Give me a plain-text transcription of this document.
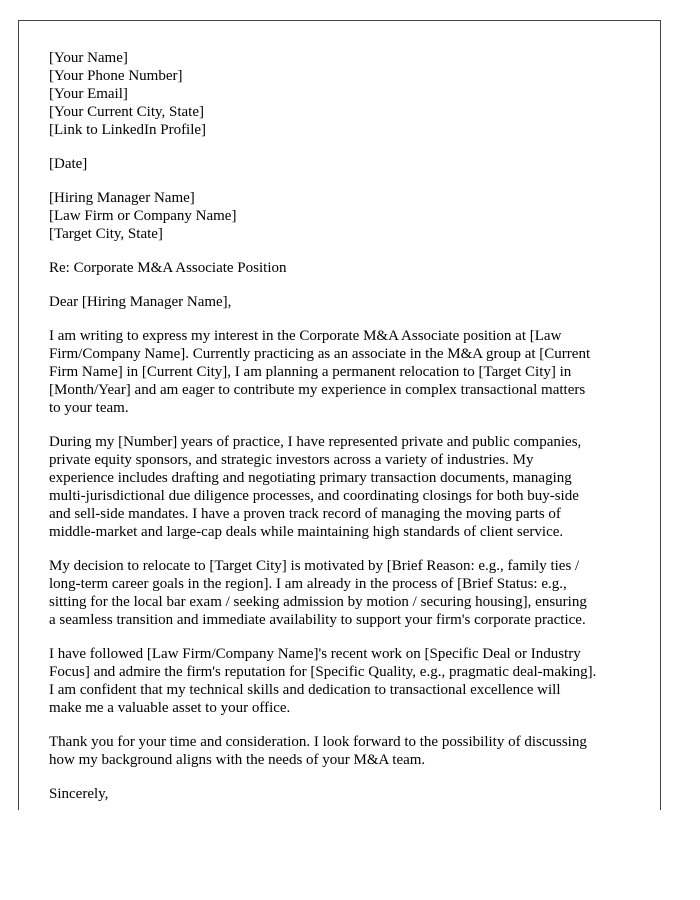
[Your Name]
[Your Phone Number]
[Your Email]
[Your Current City, State]
[Link to LinkedIn Profile]
[Date]
[Hiring Manager Name]
[Law Firm or Company Name]
[Target City, State]
Re: Corporate M&A Associate Position
Dear [Hiring Manager Name],

I am writing to express my interest in the Corporate M&A Associate position at [Law
Firm/Company Name]. Currently practicing as an associate in the M&A group at [Current
Firm Name] in [Current City], I am planning a permanent relocation to [Target City] in
[Month/Year] and am eager to contribute my experience in complex transactional matters
to your team.

During my [Number] years of practice, I have represented private and public companies,
private equity sponsors, and strategic investors across a variety of industries. My
experience includes drafting and negotiating primary transaction documents, managing
multi-jurisdictional due diligence processes, and coordinating closings for both buy-side
and sell-side mandates. I have a proven track record of managing the moving parts of
middle-market and large-cap deals while maintaining high standards of client service.

My decision to relocate to [Target City] is motivated by [Brief Reason: e.g., family ties /
long-term career goals in the region]. I am already in the process of [Brief Status: e.g.,
sitting for the local bar exam / seeking admission by motion / securing housing], ensuring
a seamless transition and immediate availability to support your firm's corporate practice.

I have followed [Law Firm/Company Name]'s recent work on [Specific Deal or Industry
Focus] and admire the firm's reputation for [Specific Quality, e.g., pragmatic deal-making].
I am confident that my technical skills and dedication to transactional excellence will
make me a valuable asset to your office.

Thank you for your time and consideration. I look forward to the possibility of discussing
how my background aligns with the needs of your M&A team.

Sincerely,
